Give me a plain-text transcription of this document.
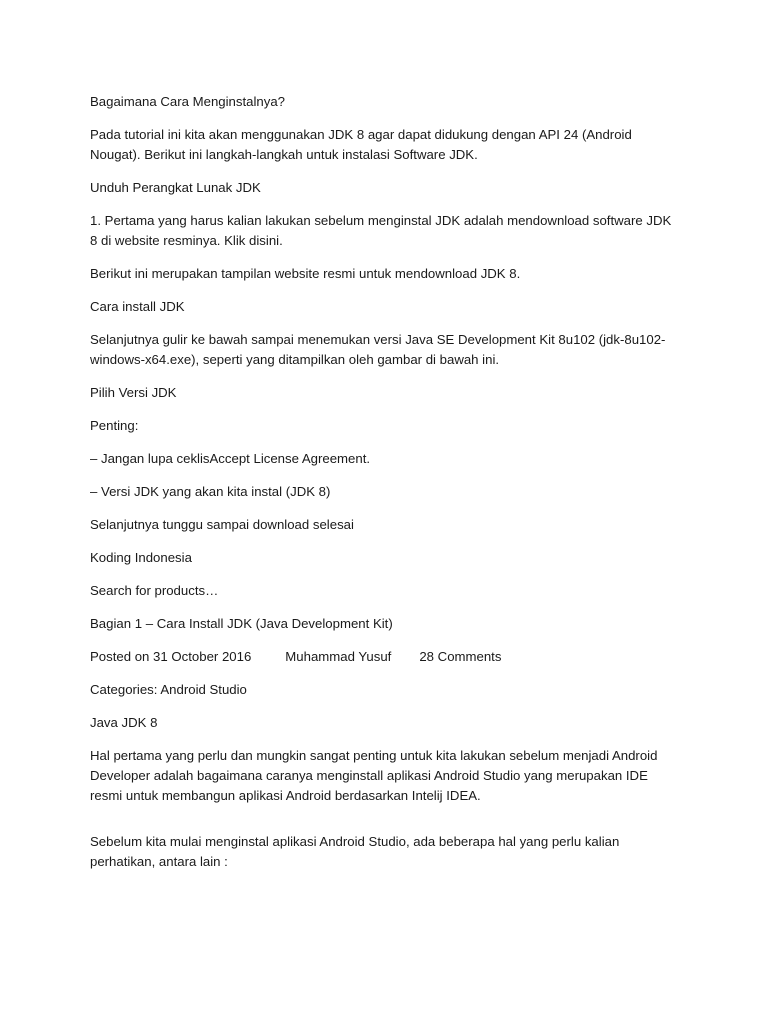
Bagaimana Cara Menginstalnya?

Pada tutorial ini kita akan menggunakan JDK 8 agar dapat didukung dengan API 24 (Android Nougat). Berikut ini langkah-langkah untuk instalasi Software JDK.

Unduh Perangkat Lunak JDK

1. Pertama yang harus kalian lakukan sebelum menginstal JDK adalah mendownload software JDK 8 di website resminya. Klik disini.

Berikut ini merupakan tampilan website resmi untuk mendownload JDK 8.

Cara install JDK

Selanjutnya gulir ke bawah sampai menemukan versi Java SE Development Kit 8u102 (jdk-8u102-windows-x64.exe), seperti yang ditampilkan oleh gambar di bawah ini.

Pilih Versi JDK

Penting:

– Jangan lupa ceklisAccept License Agreement.

– Versi JDK yang akan kita instal (JDK 8)

Selanjutnya tunggu sampai download selesai

Koding Indonesia

Search for products…

Bagian 1 – Cara Install JDK (Java Development Kit)

Posted on 31 October 2016	Muhammad Yusuf 28 Comments

Categories: Android Studio

Java JDK 8

Hal pertama yang perlu dan mungkin sangat penting untuk kita lakukan sebelum menjadi Android Developer adalah bagaimana caranya menginstall aplikasi Android Studio yang merupakan IDE resmi untuk membangun aplikasi Android berdasarkan Intelij IDEA.

Sebelum kita mulai menginstal aplikasi Android Studio, ada beberapa hal yang perlu kalian perhatikan, antara lain :
